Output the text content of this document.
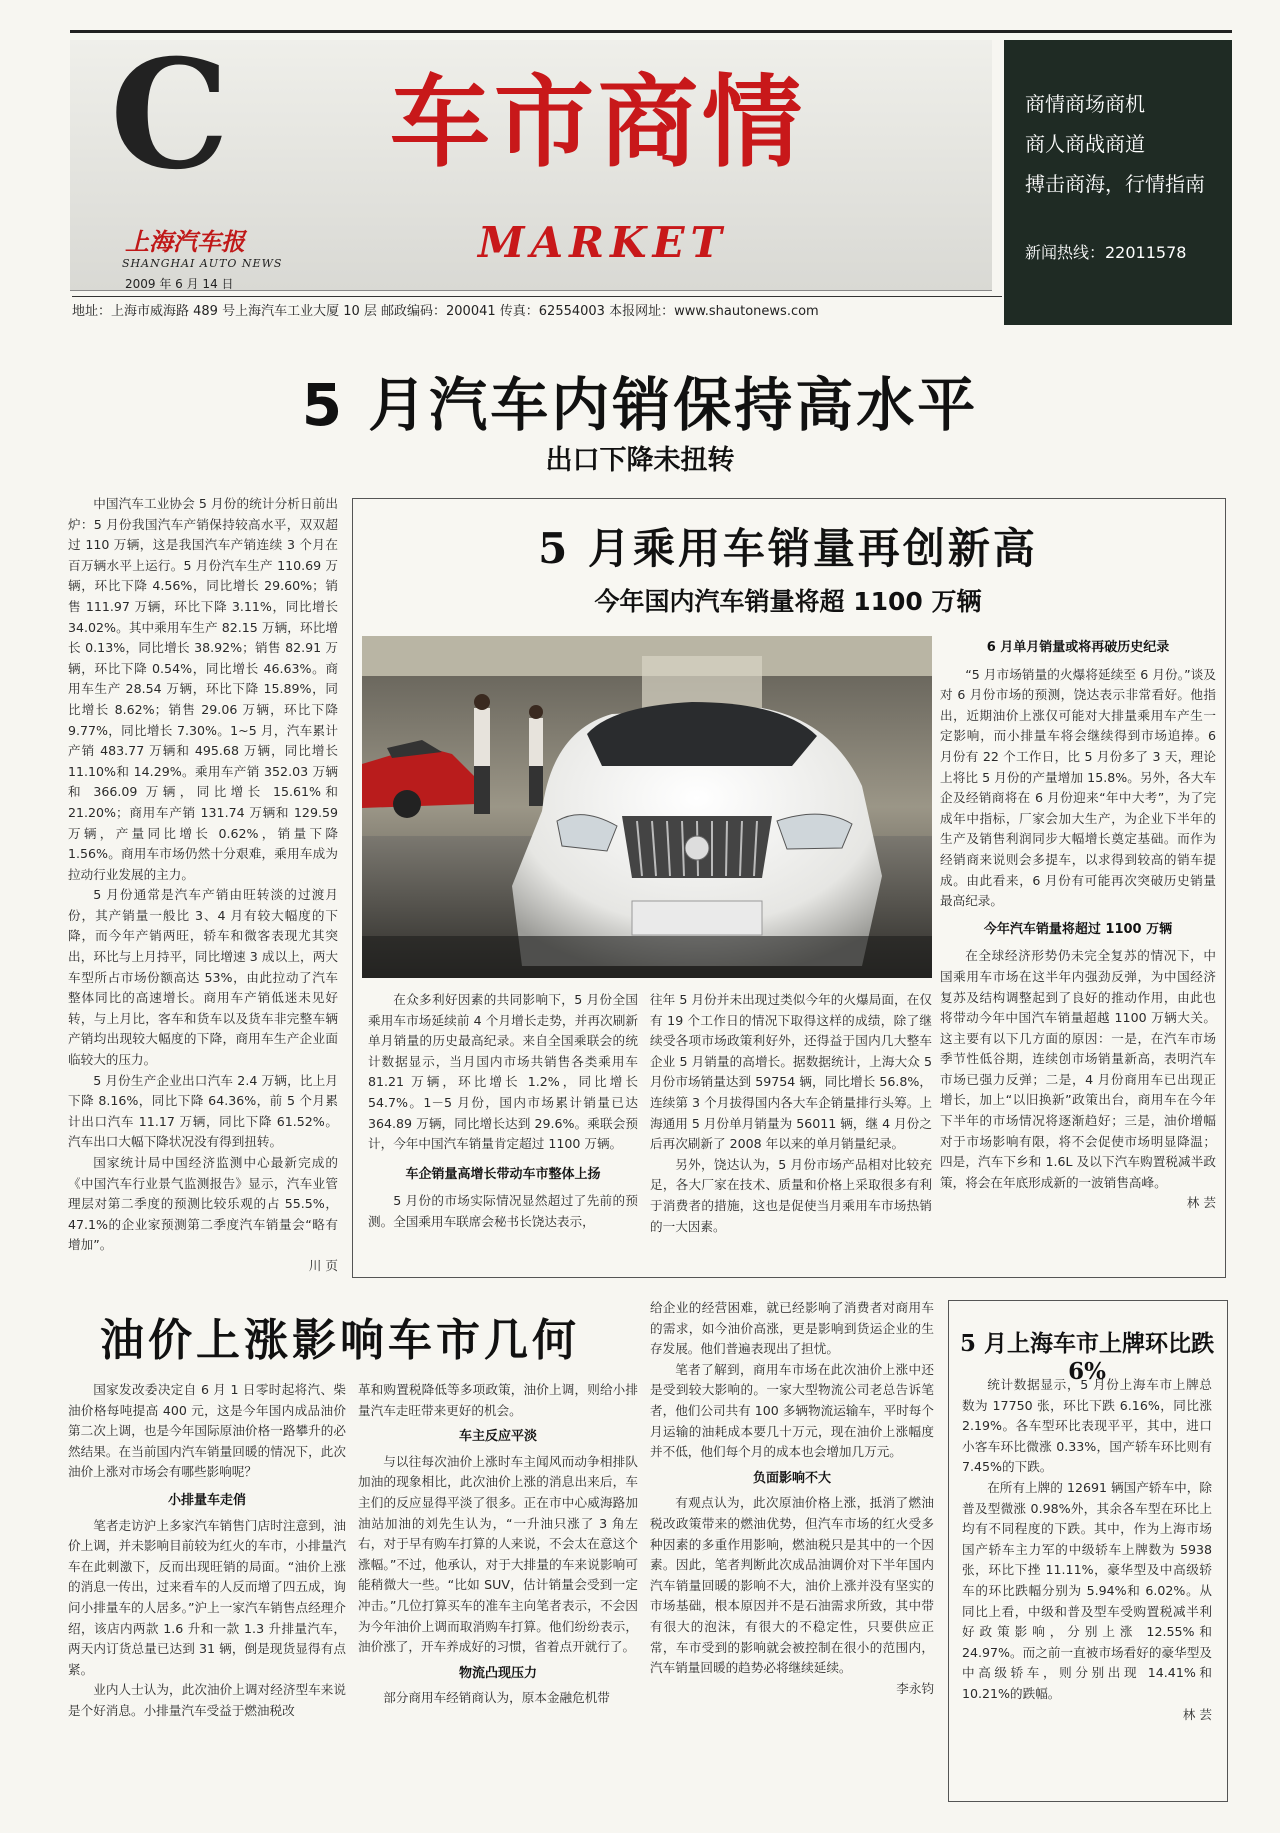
C 车市商情
MARKET
上海汽车报
SHANGHAI AUTO NEWS
2009 年 6 月 14 日
商情商场商机
商人商战商道
搏击商海，行情指南
新闻热线：22011578
地址：上海市威海路 489 号上海汽车工业大厦 10 层 邮政编码：200041 传真：62554003 本报网址：www.shautonews.com
5 月汽车内销保持高水平
出口下降未扭转

中国汽车工业协会 5 月份的统计分析日前出炉：5 月份我国汽车产销保持较高水平，双双超过 110 万辆，这是我国汽车产销连续 3 个月在百万辆水平上运行。5 月份汽车生产 110.69 万辆，环比下降 4.56%，同比增长 29.60%；销售 111.97 万辆，环比下降 3.11%，同比增长 34.02%。其中乘用车生产 82.15 万辆，环比增长 0.13%，同比增长 38.92%；销售 82.91 万辆，环比下降 0.54%，同比增长 46.63%。商用车生产 28.54 万辆，环比下降 15.89%，同比增长 8.62%；销售 29.06 万辆，环比下降 9.77%，同比增长 7.30%。1~5 月，汽车累计产销 483.77 万辆和 495.68 万辆，同比增长 11.10%和 14.29%。乘用车产销 352.03 万辆和 366.09 万辆，同比增长 15.61%和 21.20%；商用车产销 131.74 万辆和 129.59 万辆，产量同比增长 0.62%，销量下降 1.56%。商用车市场仍然十分艰难，乘用车成为拉动行业发展的主力。

5 月份通常是汽车产销由旺转淡的过渡月份，其产销量一般比 3、4 月有较大幅度的下降，而今年产销两旺，轿车和微客表现尤其突出，环比与上月持平，同比增速 3 成以上，两大车型所占市场份额高达 53%，由此拉动了汽车整体同比的高速增长。商用车产销低迷未见好转，与上月比，客车和货车以及货车非完整车辆产销均出现较大幅度的下降，商用车生产企业面临较大的压力。

5 月份生产企业出口汽车 2.4 万辆，比上月下降 8.16%，同比下降 64.36%，前 5 个月累计出口汽车 11.17 万辆，同比下降 61.52%。汽车出口大幅下降状况没有得到扭转。

国家统计局中国经济监测中心最新完成的《中国汽车行业景气监测报告》显示，汽车业管理层对第二季度的预测比较乐观的占 55.5%，47.1%的企业家预测第二季度汽车销量会“略有增加”。

川 页
5 月乘用车销量再创新高
今年国内汽车销量将超 1100 万辆

在众多利好因素的共同影响下，5 月份全国乘用车市场延续前 4 个月增长走势，并再次刷新单月销量的历史最高纪录。来自全国乘联会的统计数据显示，当月国内市场共销售各类乘用车 81.21 万辆，环比增长 1.2%，同比增长 54.7%。1－5 月份，国内市场累计销量已达 364.89 万辆，同比增长达到 29.6%。乘联会预计，今年中国汽车销量肯定超过 1100 万辆。

车企销量高增长带动车市整体上扬

5 月份的市场实际情况显然超过了先前的预测。全国乘用车联席会秘书长饶达表示，

往年 5 月份并未出现过类似今年的火爆局面，在仅有 19 个工作日的情况下取得这样的成绩，除了继续受各项市场政策利好外，还得益于国内几大整车企业 5 月销量的高增长。据数据统计，上海大众 5 月份市场销量达到 59754 辆，同比增长 56.8%，连续第 3 个月拔得国内各大车企销量排行头筹。上海通用 5 月份单月销量为 56011 辆，继 4 月份之后再次刷新了 2008 年以来的单月销量纪录。

另外，饶达认为，5 月份市场产品相对比较充足，各大厂家在技术、质量和价格上采取很多有利于消费者的措施，这也是促使当月乘用车市场热销的一大因素。

6 月单月销量或将再破历史纪录

“5 月市场销量的火爆将延续至 6 月份。”谈及对 6 月份市场的预测，饶达表示非常看好。他指出，近期油价上涨仅可能对大排量乘用车产生一定影响，而小排量车将会继续得到市场追捧。6 月份有 22 个工作日，比 5 月份多了 3 天，理论上将比 5 月份的产量增加 15.8%。另外，各大车企及经销商将在 6 月份迎来“年中大考”，为了完成年中指标，厂家会加大生产，为企业下半年的生产及销售利润同步大幅增长奠定基础。而作为经销商来说则会多提车，以求得到较高的销车提成。由此看来，6 月份有可能再次突破历史销量最高纪录。

今年汽车销量将超过 1100 万辆

在全球经济形势仍未完全复苏的情况下，中国乘用车市场在这半年内强劲反弹，为中国经济复苏及结构调整起到了良好的推动作用，由此也将带动今年中国汽车销量超越 1100 万辆大关。这主要有以下几方面的原因：一是，在汽车市场季节性低谷期，连续创市场销量新高，表明汽车市场已强力反弹；二是，4 月份商用车已出现正增长，加上“以旧换新”政策出台，商用车在今年下半年的市场情况将逐渐趋好；三是，油价增幅对于市场影响有限，将不会促使市场明显降温；四是，汽车下乡和 1.6L 及以下汽车购置税减半政策，将会在年底形成新的一波销售高峰。

林 芸
油价上涨影响车市几何

国家发改委决定自 6 月 1 日零时起将汽、柴油价格每吨提高 400 元，这是今年国内成品油价第二次上调，也是今年国际原油价格一路攀升的必然结果。在当前国内汽车销量回暖的情况下，此次油价上涨对市场会有哪些影响呢？

小排量车走俏

笔者走访沪上多家汽车销售门店时注意到，油价上调，并未影响目前较为红火的车市，小排量汽车在此刺激下，反而出现旺销的局面。“油价上涨的消息一传出，过来看车的人反而增了四五成，询问小排量车的人居多。”沪上一家汽车销售点经理介绍，该店内两款 1.6 升和一款 1.3 升排量汽车，两天内订货总量已达到 31 辆，倒是现货显得有点紧。

业内人士认为，此次油价上调对经济型车来说是个好消息。小排量汽车受益于燃油税改

革和购置税降低等多项政策，油价上调，则给小排量汽车走旺带来更好的机会。

车主反应平淡

与以往每次油价上涨时车主闻风而动争相排队加油的现象相比，此次油价上涨的消息出来后，车主们的反应显得平淡了很多。正在市中心威海路加油站加油的刘先生认为，“一升油只涨了 3 角左右，对于早有购车打算的人来说，不会太在意这个涨幅。”不过，他承认，对于大排量的车来说影响可能稍微大一些。“比如 SUV，估计销量会受到一定冲击。”几位打算买车的准车主向笔者表示，不会因为今年油价上调而取消购车打算。他们纷纷表示，油价涨了，开车养成好的习惯，省着点开就行了。

物流凸现压力

部分商用车经销商认为，原本金融危机带

给企业的经营困难，就已经影响了消费者对商用车的需求，如今油价高涨，更是影响到货运企业的生存发展。他们普遍表现出了担忧。

笔者了解到，商用车市场在此次油价上涨中还是受到较大影响的。一家大型物流公司老总告诉笔者，他们公司共有 100 多辆物流运输车，平时每个月运输的油耗成本要几十万元，现在油价上涨幅度并不低，他们每个月的成本也会增加几万元。

负面影响不大

有观点认为，此次原油价格上涨，抵消了燃油税改政策带来的燃油优势，但汽车市场的红火受多种因素的多重作用影响，燃油税只是其中的一个因素。因此，笔者判断此次成品油调价对下半年国内汽车销量回暖的影响不大，油价上涨并没有坚实的市场基础，根本原因并不是石油需求所致，其中带有很大的泡沫，有很大的不稳定性，只要供应正常，车市受到的影响就会被控制在很小的范围内，汽车销量回暖的趋势必将继续延续。

李永钧
5 月上海车市上牌环比跌 6%

统计数据显示，5 月份上海车市上牌总数为 17750 张，环比下跌 6.16%，同比涨 2.19%。各车型环比表现平平，其中，进口小客车环比微涨 0.33%，国产轿车环比则有 7.45%的下跌。

在所有上牌的 12691 辆国产轿车中，除普及型微涨 0.98%外，其余各车型在环比上均有不同程度的下跌。其中，作为上海市场国产轿车主力军的中级轿车上牌数为 5938 张，环比下挫 11.11%，豪华型及中高级轿车的环比跌幅分别为 5.94%和 6.02%。从同比上看，中级和普及型车受购置税减半利好政策影响，分别上涨 12.55%和 24.97%。而之前一直被市场看好的豪华型及中高级轿车，则分别出现 14.41%和 10.21%的跌幅。

林 芸
